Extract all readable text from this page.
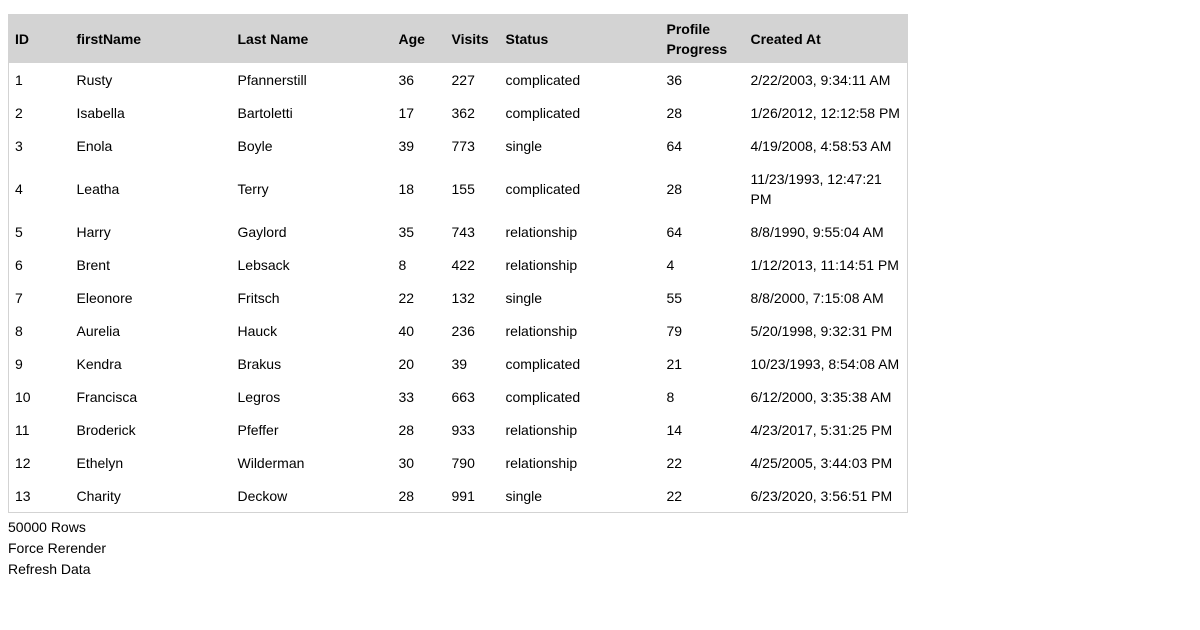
ID	firstName	Last Name	Age	Visits	Status	Profile Progress	Created At
1	Rusty	Pfannerstill	36	227	complicated	36	2/22/2003, 9:34:11 AM
2	Isabella	Bartoletti	17	362	complicated	28	1/26/2012, 12:12:58 PM
3	Enola	Boyle	39	773	single	64	4/19/2008, 4:58:53 AM
4	Leatha	Terry	18	155	complicated	28	11/23/1993, 12:47:21 PM
5	Harry	Gaylord	35	743	relationship	64	8/8/1990, 9:55:04 AM
6	Brent	Lebsack	8	422	relationship	4	1/12/2013, 11:14:51 PM
7	Eleonore	Fritsch	22	132	single	55	8/8/2000, 7:15:08 AM
8	Aurelia	Hauck	40	236	relationship	79	5/20/1998, 9:32:31 PM
9	Kendra	Brakus	20	39	complicated	21	10/23/1993, 8:54:08 AM
10	Francisca	Legros	33	663	complicated	8	6/12/2000, 3:35:38 AM
11	Broderick	Pfeffer	28	933	relationship	14	4/23/2017, 5:31:25 PM
12	Ethelyn	Wilderman	30	790	relationship	22	4/25/2005, 3:44:03 PM
13	Charity	Deckow	28	991	single	22	6/23/2020, 3:56:51 PM
50000 Rows
Force Rerender
Refresh Data
